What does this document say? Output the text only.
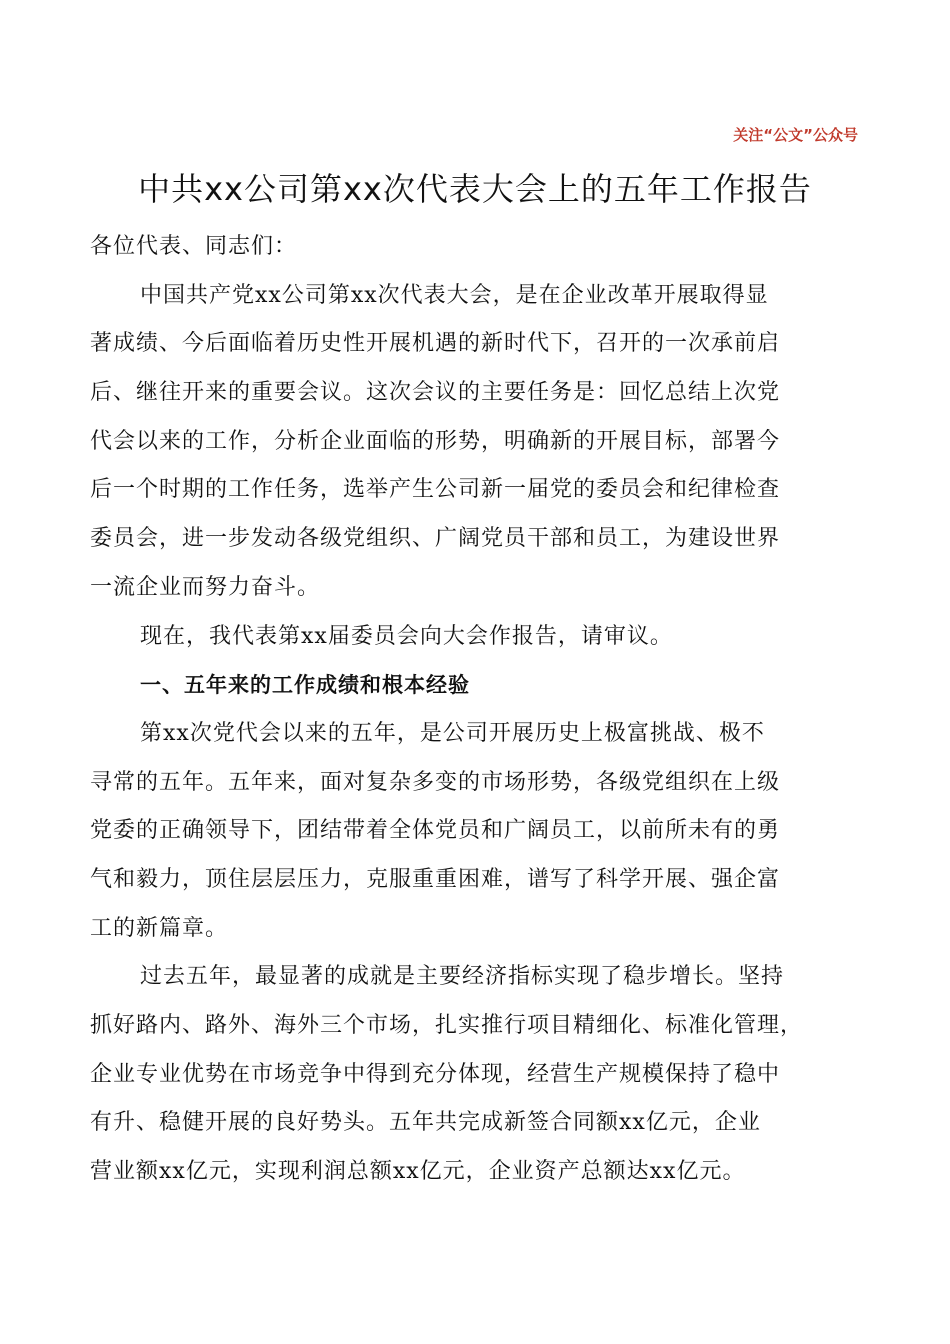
关注“公文”公众号
中共xx公司第xx次代表大会上的五年工作报告
各位代表、同志们：
中国共产党xx公司第xx次代表大会，是在企业改革开展取得显
著成绩、今后面临着历史性开展机遇的新时代下，召开的一次承前启
后、继往开来的重要会议。这次会议的主要任务是：回忆总结上次党
代会以来的工作，分析企业面临的形势，明确新的开展目标，部署今
后一个时期的工作任务，选举产生公司新一届党的委员会和纪律检查
委员会，进一步发动各级党组织、广阔党员干部和员工，为建设世界
一流企业而努力奋斗。
现在，我代表第xx届委员会向大会作报告，请审议。
一、五年来的工作成绩和根本经验
第xx次党代会以来的五年，是公司开展历史上极富挑战、极不
寻常的五年。五年来，面对复杂多变的市场形势，各级党组织在上级
党委的正确领导下，团结带着全体党员和广阔员工，以前所未有的勇
气和毅力，顶住层层压力，克服重重困难，谱写了科学开展、强企富
工的新篇章。
过去五年，最显著的成就是主要经济指标实现了稳步增长。坚持
抓好路内、路外、海外三个市场，扎实推行项目精细化、标准化管理，
企业专业优势在市场竞争中得到充分体现，经营生产规模保持了稳中
有升、稳健开展的良好势头。五年共完成新签合同额xx亿元，企业
营业额xx亿元，实现利润总额xx亿元，企业资产总额达xx亿元。
